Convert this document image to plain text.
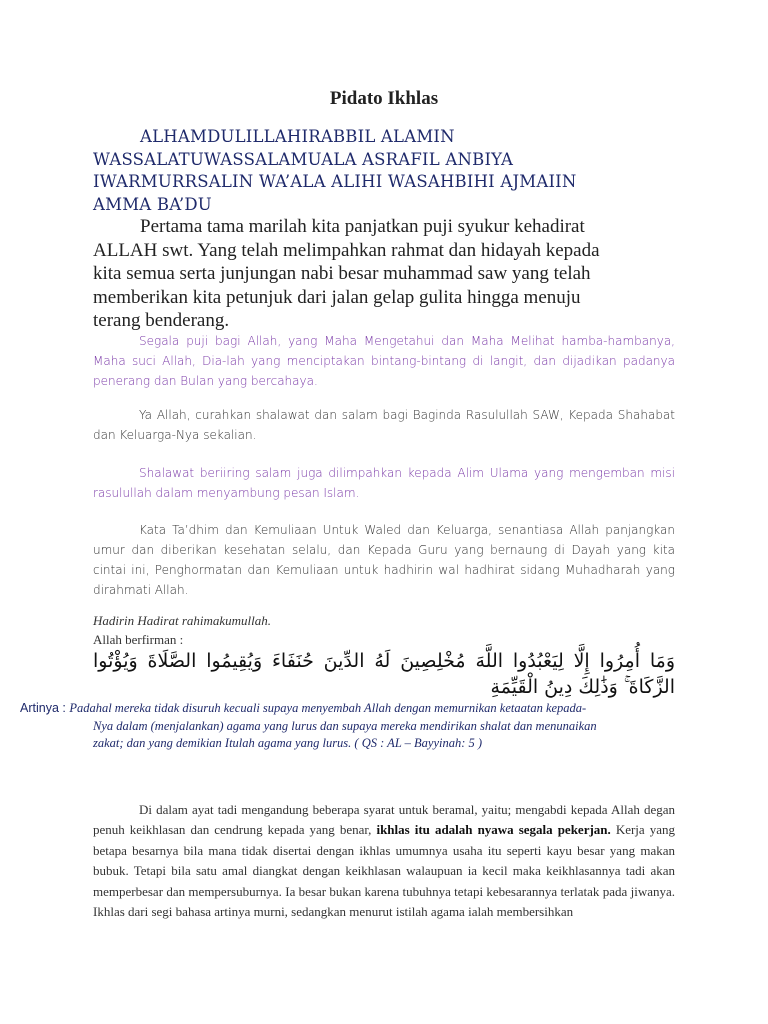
Pidato Ikhlas
ALHAMDULILLAHIRABBIL ALAMIN
WASSALATUWASSALAMUALA ASRAFIL ANBIYA
IWARMURRSALIN WA’ALA ALIHI WASAHBIHI AJMAIIN
AMMA BA’DU
Pertama tama marilah kita panjatkan puji syukur kehadirat
ALLAH swt. Yang telah melimpahkan rahmat dan hidayah kepada
kita semua serta junjungan nabi besar muhammad saw yang telah
memberikan kita petunjuk dari jalan gelap gulita hingga menuju
terang benderang.
Segala puji bagi Allah, yang Maha Mengetahui dan Maha Melihat hamba-hambanya, Maha suci Allah, Dia-lah yang menciptakan bintang-bintang di langit, dan dijadikan padanya penerang dan Bulan yang bercahaya.
Ya Allah, curahkan shalawat dan salam bagi Baginda Rasulullah SAW, Kepada Shahabat dan Keluarga-Nya sekalian.
Shalawat beriiring salam juga dilimpahkan kepada Alim Ulama yang mengemban misi rasulullah dalam menyambung pesan Islam.
Kata Ta’dhim dan Kemuliaan Untuk Waled dan Keluarga, senantiasa Allah panjangkan umur dan diberikan kesehatan selalu, dan Kepada Guru yang bernaung di Dayah yang kita cintai ini, Penghormatan dan Kemuliaan untuk hadhirin wal hadhirat sidang Muhadharah yang dirahmati Allah.
Hadirin Hadirat rahimakumullah.
Allah berfirman :
وَمَا أُمِرُوا إِلَّا لِيَعْبُدُوا اللَّهَ مُخْلِصِينَ لَهُ الدِّينَ حُنَفَاءَ وَيُقِيمُوا الصَّلَاةَ وَيُؤْتُوا الزَّكَاةَ ۚ وَذَٰلِكَ دِينُ الْقَيِّمَةِ
Artinya : Padahal mereka tidak disuruh kecuali supaya menyembah Allah dengan memurnikan ketaatan kepada-
Nya dalam (menjalankan) agama yang lurus dan supaya mereka mendirikan shalat dan menunaikan
zakat; dan yang demikian Itulah agama yang lurus. ( QS : AL – Bayyinah: 5 )
Di dalam ayat tadi mengandung beberapa syarat untuk beramal, yaitu; mengabdi kepada Allah degan penuh keikhlasan dan cendrung kepada yang benar, ikhlas itu adalah nyawa segala pekerjan. Kerja yang betapa besarnya bila mana tidak disertai dengan ikhlas umumnya usaha itu seperti kayu besar yang makan bubuk. Tetapi bila satu amal diangkat dengan keikhlasan walaupuan ia kecil maka keikhlasannya tadi akan memperbesar dan mempersuburnya. Ia besar bukan karena tubuhnya tetapi kebesarannya terlatak pada jiwanya. Ikhlas dari segi bahasa artinya murni, sedangkan menurut istilah agama ialah membersihkan
